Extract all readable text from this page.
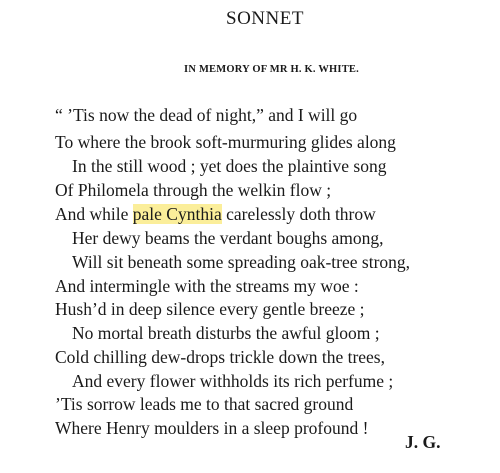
SONNET
IN MEMORY OF MR H. K. WHITE.
“ ’Tis now the dead of night,” and I will go
To where the brook soft-murmuring glides along
In the still wood ; yet does the plaintive song
Of Philomela through the welkin flow ;
And while pale Cynthia carelessly doth throw
Her dewy beams the verdant boughs among,
Will sit beneath some spreading oak-tree strong,
And intermingle with the streams my woe :
Hush’d in deep silence every gentle breeze ;
No mortal breath disturbs the awful gloom ;
Cold chilling dew-drops trickle down the trees,
And every flower withholds its rich perfume ;
’Tis sorrow leads me to that sacred ground
Where Henry moulders in a sleep profound !
J. G.
